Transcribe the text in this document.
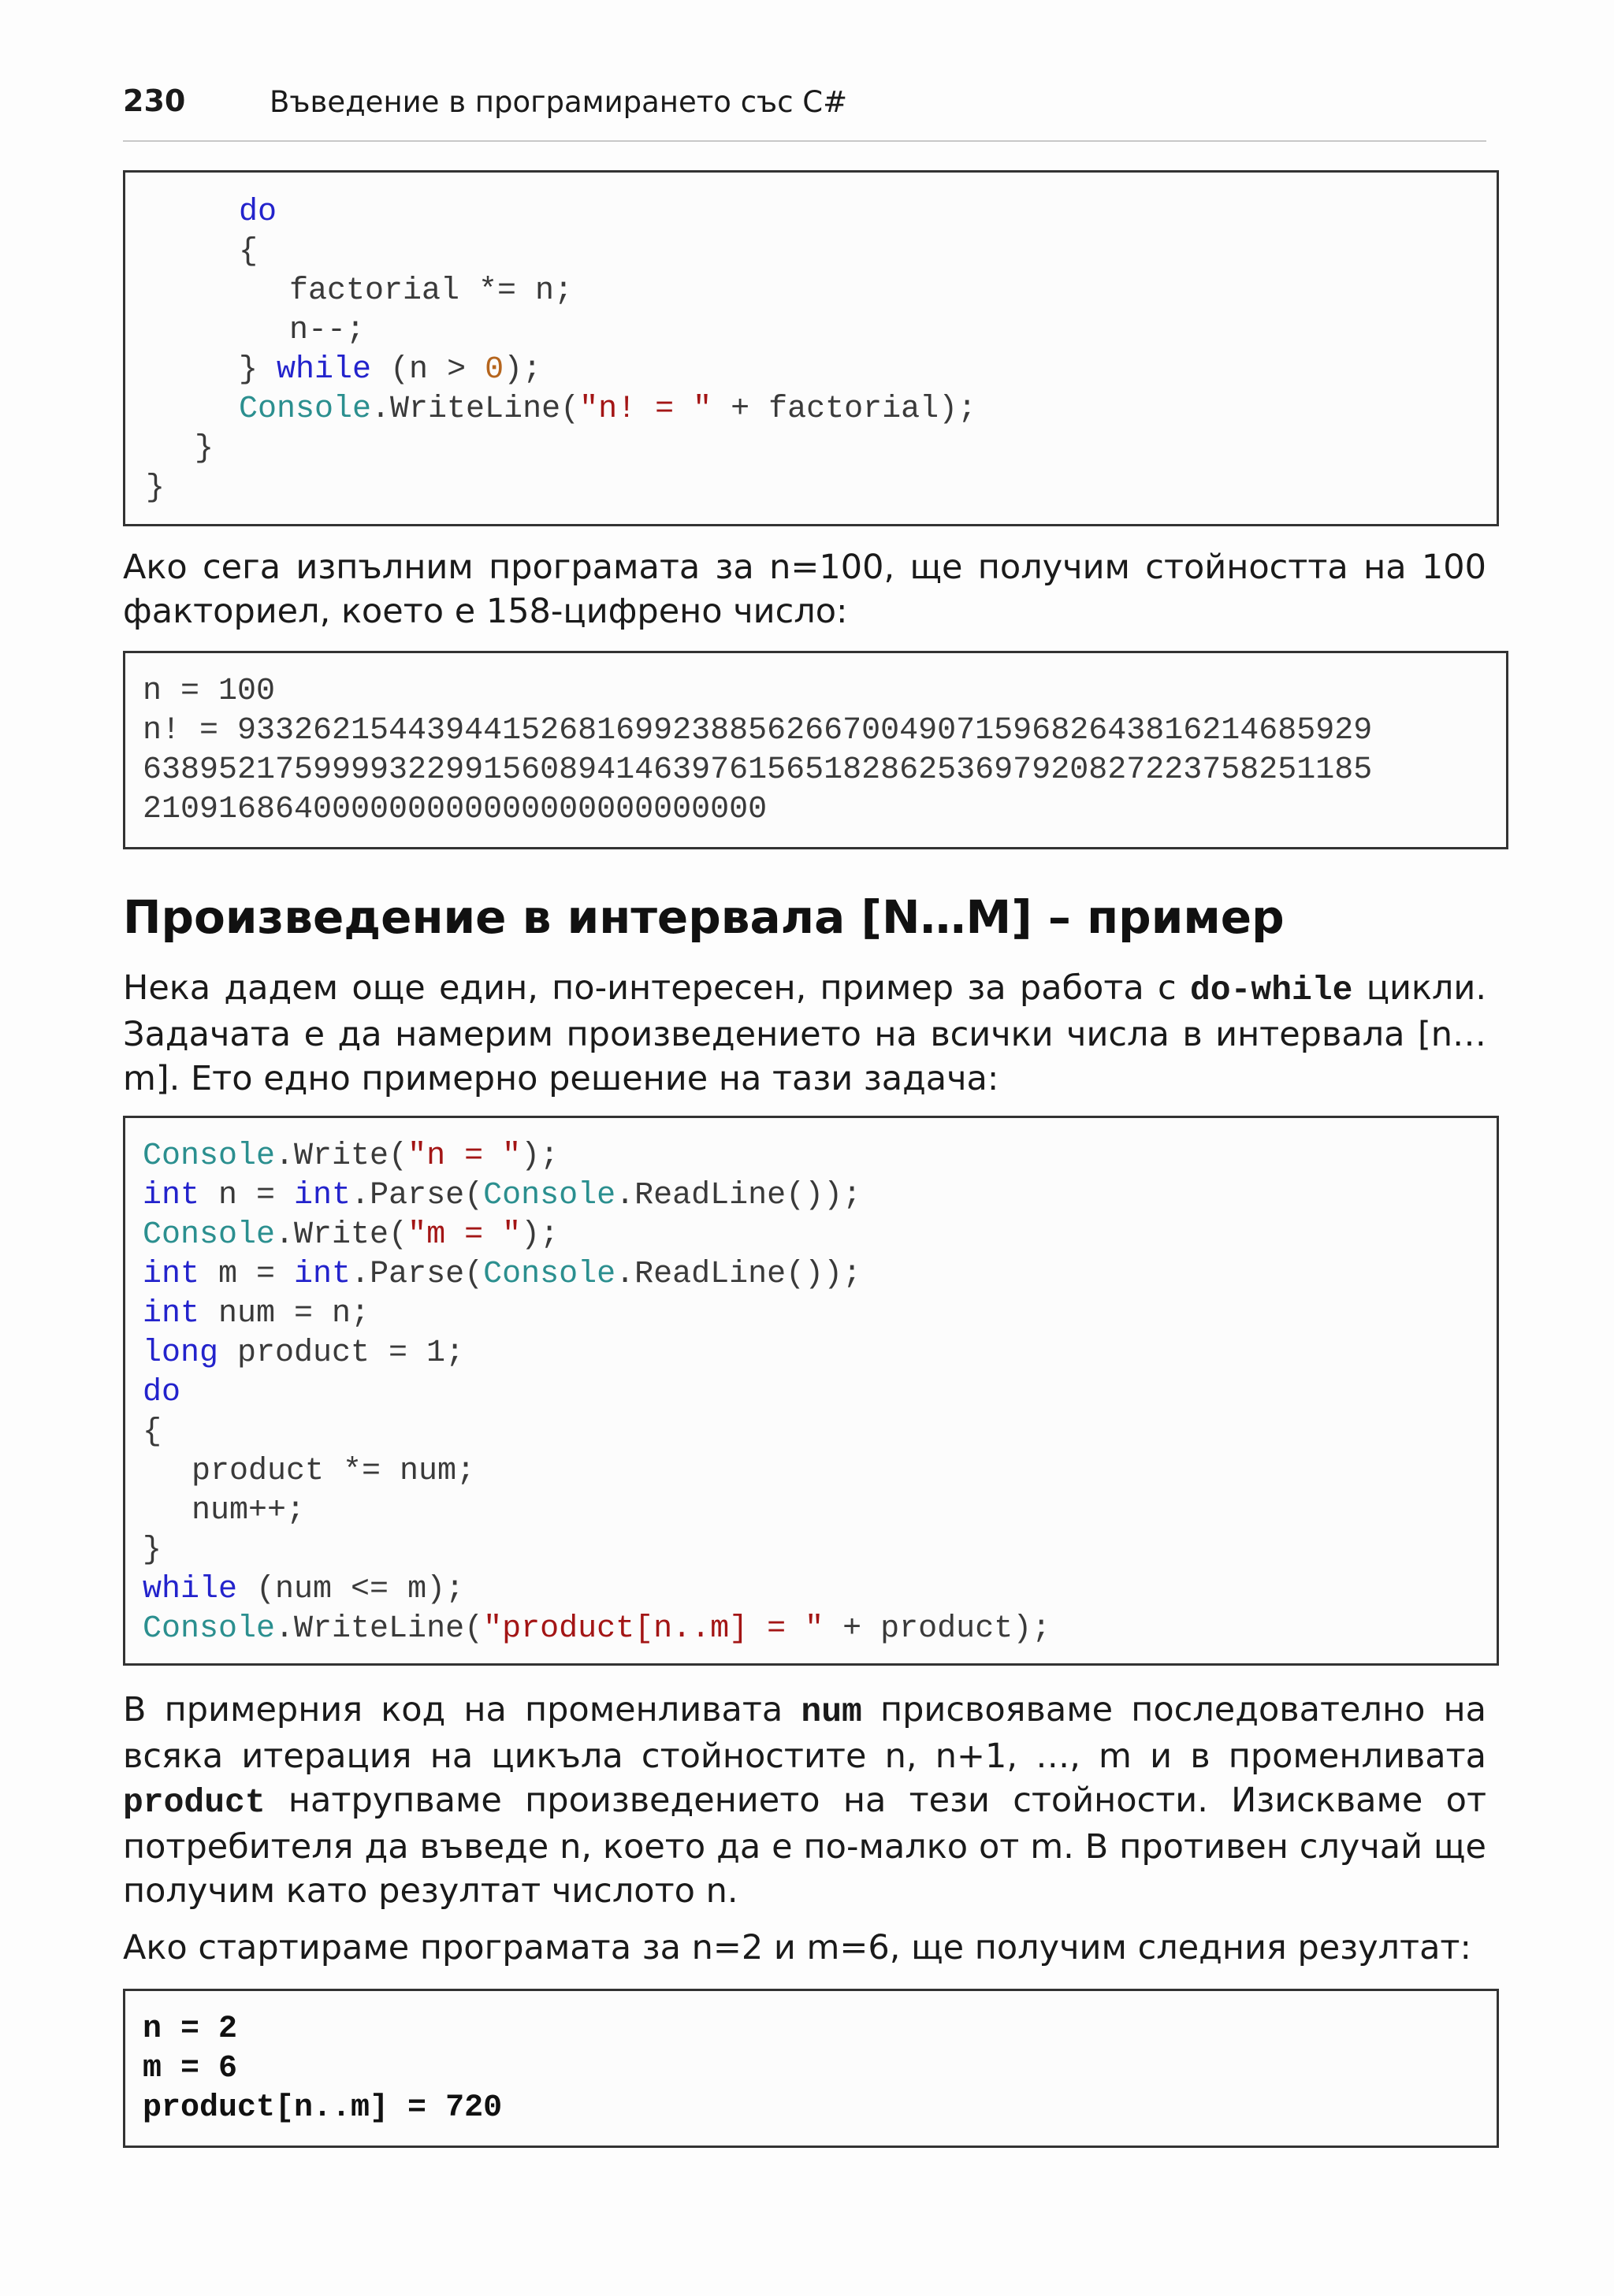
230	Въведение в програмирането със C#
do
{
factorial *= n;
n--;
} while (n > 0);
Console.WriteLine("n! = " + factorial);
}
}
Ако сега изпълним програмата за n=100, ще получим стойността на 100
факториел, което е 158-цифрено число:
n = 100
n! = 933262154439441526816992388562667004907159682643816214685929
63895217599993229915608941463976156518286253697920827223758251185
210916864000000000000000000000000
Произведение в интервала [N…M] – пример
Нека дадем още един, по-интересен, пример за работа с do-while цикли.
Задачата е да намерим произведението на всички числа в интервала [n…
m]. Ето едно примерно решение на тази задача:
Console.Write("n = ");
int n = int.Parse(Console.ReadLine());
Console.Write("m = ");
int m = int.Parse(Console.ReadLine());
int num = n;
long product = 1;
do
{
product *= num;
num++;
}
while (num <= m);
Console.WriteLine("product[n..m] = " + product);
В примерния код на променливата num присвояваме последователно на
всяка итерация на цикъла стойностите n, n+1, …, m и в променливата
product натрупваме произведението на тези стойности. Изискваме от
потребителя да въведе n, което да е по-малко от m. В противен случай ще
получим като резултат числото n.
Ако стартираме програмата за n=2 и m=6, ще получим следния резултат:
n = 2
m = 6
product[n..m] = 720
